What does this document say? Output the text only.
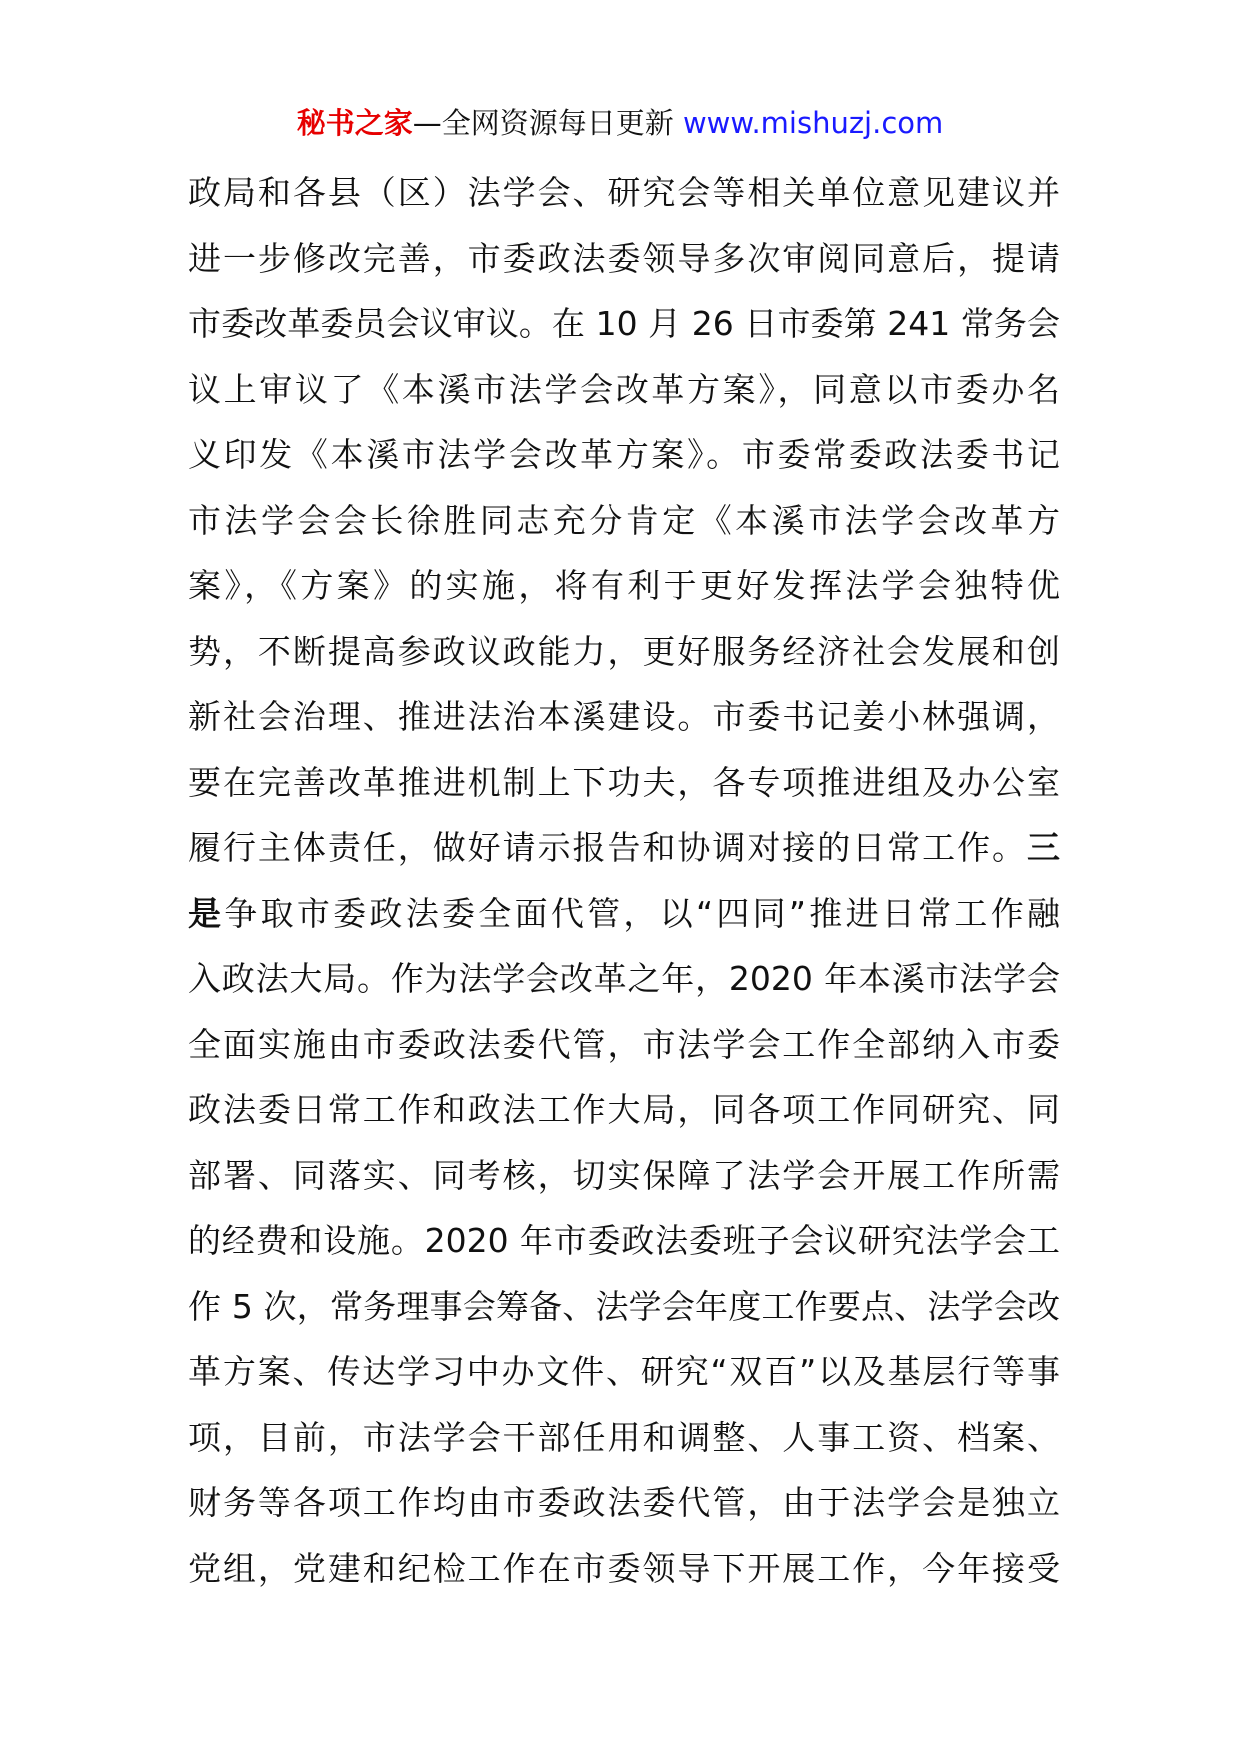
秘书之家—全网资源每日更新 www.mishuzj.com
政局和各县（区）法学会、研究会等相关单位意见建议并
进一步修改完善，市委政法委领导多次审阅同意后，提请
市委改革委员会议审议。在 10 月 26 日市委第 241 常务会
议上审议了《本溪市法学会改革方案》，同意以市委办名
义印发《本溪市法学会改革方案》。市委常委政法委书记
市法学会会长徐胜同志充分肯定《本溪市法学会改革方
案》，《方案》的实施，将有利于更好发挥法学会独特优
势，不断提高参政议政能力，更好服务经济社会发展和创
新社会治理、推进法治本溪建设。市委书记姜小林强调，
要在完善改革推进机制上下功夫，各专项推进组及办公室
履行主体责任，做好请示报告和协调对接的日常工作。三
是争取市委政法委全面代管，以“四同”推进日常工作融
入政法大局。作为法学会改革之年，2020 年本溪市法学会
全面实施由市委政法委代管，市法学会工作全部纳入市委
政法委日常工作和政法工作大局，同各项工作同研究、同
部署、同落实、同考核，切实保障了法学会开展工作所需
的经费和设施。2020 年市委政法委班子会议研究法学会工
作 5 次，常务理事会筹备、法学会年度工作要点、法学会改
革方案、传达学习中办文件、研究“双百”以及基层行等事
项，目前，市法学会干部任用和调整、人事工资、档案、
财务等各项工作均由市委政法委代管，由于法学会是独立
党组，党建和纪检工作在市委领导下开展工作，今年接受
